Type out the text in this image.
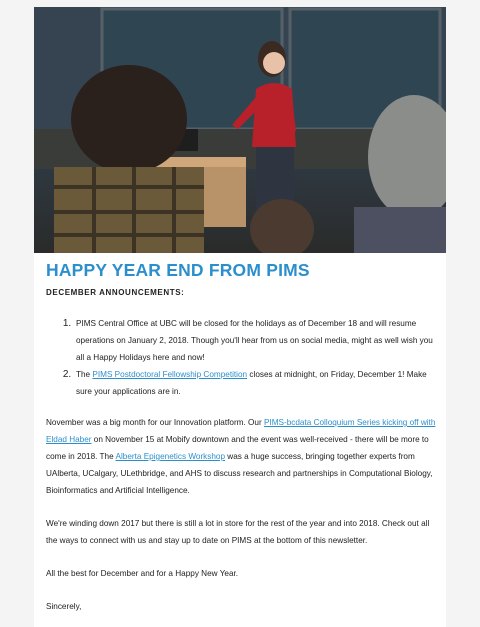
HAPPY YEAR END FROM PIMS

DECEMBER ANNOUNCEMENTS:

1. PIMS Central Office at UBC will be closed for the holidays as of December 18 and will resume operations on January 2, 2018. Though you'll hear from us on social media, might as well wish you all a Happy Holidays here and now!
2. The PIMS Postdoctoral Fellowship Competition closes at midnight, on Friday, December 1! Make sure your applications are in.

November was a big month for our Innovation platform. Our PIMS-bcdata Colloquium Series kicking off with Eldad Haber on November 15 at Mobify downtown and the event was well-received - there will be more to come in 2018. The Alberta Epigenetics Workshop was a huge success, bringing together experts from UAlberta, UCalgary, ULethbridge, and AHS to discuss research and partnerships in Computational Biology, Bioinformatics and Artificial Intelligence.

We're winding down 2017 but there is still a lot in store for the rest of the year and into 2018. Check out all the ways to connect with us and stay up to date on PIMS at the bottom of this newsletter.

All the best for December and for a Happy New Year.

Sincerely,
